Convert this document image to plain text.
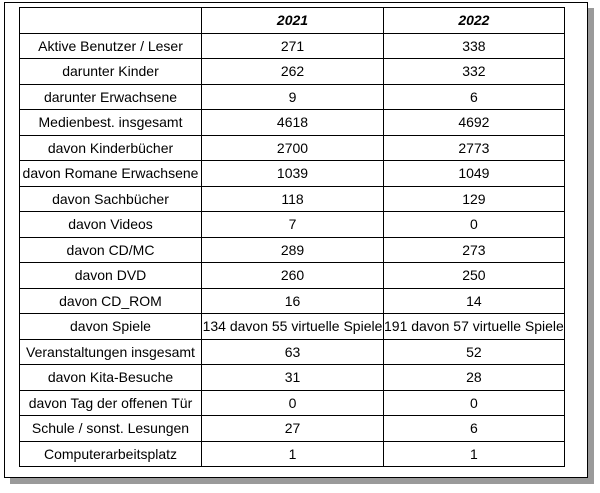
	2021	2022
Aktive Benutzer / Leser	271	338
darunter Kinder	262	332
darunter Erwachsene	9	6
Medienbest. insgesamt	4618	4692
davon Kinderbücher	2700	2773
davon Romane Erwachsene	1039	1049
davon Sachbücher	118	129
davon Videos	7	0
davon CD/MC	289	273
davon DVD	260	250
davon CD_ROM	16	14
davon Spiele	134 davon 55 virtuelle Spiele	191 davon 57 virtuelle Spiele
Veranstaltungen insgesamt	63	52
davon Kita-Besuche	31	28
davon Tag der offenen Tür	0	0
Schule / sonst. Lesungen	27	6
Computerarbeitsplatz	1	1
